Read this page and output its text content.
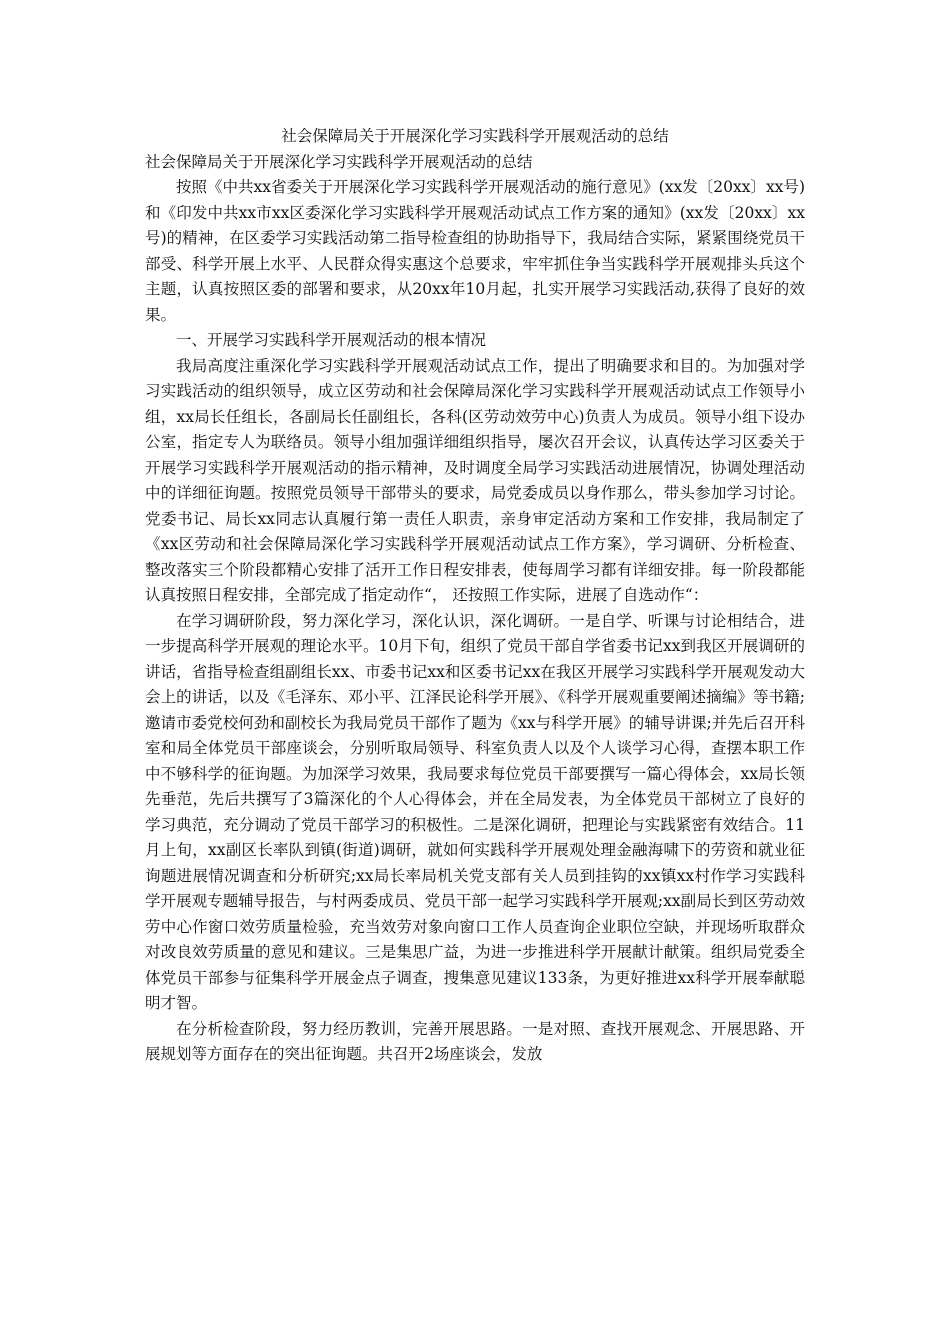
社会保障局关于开展深化学习实践科学开展观活动的总结

社会保障局关于开展深化学习实践科学开展观活动的总结

按照《中共xx省委关于开展深化学习实践科学开展观活动的施行意见》(xx发〔20xx〕xx号)和《印发中共xx市xx区委深化学习实践科学开展观活动试点工作方案的通知》(xx发〔20xx〕xx号)的精神，在区委学习实践活动第二指导检查组的协助指导下，我局结合实际，紧紧围绕党员干部受、科学开展上水平、人民群众得实惠这个总要求，牢牢抓住争当实践科学开展观排头兵这个主题，认真按照区委的部署和要求，从20xx年10月起，扎实开展学习实践活动,获得了良好的效果。

一、开展学习实践科学开展观活动的根本情况

我局高度注重深化学习实践科学开展观活动试点工作，提出了明确要求和目的。为加强对学习实践活动的组织领导，成立区劳动和社会保障局深化学习实践科学开展观活动试点工作领导小组，xx局长任组长，各副局长任副组长，各科(区劳动效劳中心)负责人为成员。领导小组下设办公室，指定专人为联络员。领导小组加强详细组织指导，屡次召开会议，认真传达学习区委关于开展学习实践科学开展观活动的指示精神，及时调度全局学习实践活动进展情况，协调处理活动中的详细征询题。按照党员领导干部带头的要求，局党委成员以身作那么，带头参加学习讨论。党委书记、局长xx同志认真履行第一责任人职责，亲身审定活动方案和工作安排，我局制定了《xx区劳动和社会保障局深化学习实践科学开展观活动试点工作方案》，学习调研、分析检查、整改落实三个阶段都精心安排了活开工作日程安排表，使每周学习都有详细安排。每一阶段都能认真按照日程安排，全部完成了指定动作“， 还按照工作实际，进展了自选动作“：

在学习调研阶段，努力深化学习，深化认识，深化调研。一是自学、听课与讨论相结合，进一步提高科学开展观的理论水平。10月下旬，组织了党员干部自学省委书记xx到我区开展调研的讲话，省指导检查组副组长xx、市委书记xx和区委书记xx在我区开展学习实践科学开展观发动大会上的讲话，以及《毛泽东、邓小平、江泽民论科学开展》、《科学开展观重要阐述摘编》等书籍;邀请市委党校何劲和副校长为我局党员干部作了题为《xx与科学开展》的辅导讲课;并先后召开科室和局全体党员干部座谈会，分别听取局领导、科室负责人以及个人谈学习心得，查摆本职工作中不够科学的征询题。为加深学习效果，我局要求每位党员干部要撰写一篇心得体会，xx局长领先垂范，先后共撰写了3篇深化的个人心得体会，并在全局发表，为全体党员干部树立了良好的学习典范，充分调动了党员干部学习的积极性。二是深化调研，把理论与实践紧密有效结合。11月上旬，xx副区长率队到镇(街道)调研，就如何实践科学开展观处理金融海啸下的劳资和就业征询题进展情况调查和分析研究;xx局长率局机关党支部有关人员到挂钩的xx镇xx村作学习实践科学开展观专题辅导报告，与村两委成员、党员干部一起学习实践科学开展观;xx副局长到区劳动效劳中心作窗口效劳质量检验，充当效劳对象向窗口工作人员查询企业职位空缺，并现场听取群众对改良效劳质量的意见和建议。三是集思广益，为进一步推进科学开展献计献策。组织局党委全体党员干部参与征集科学开展金点子调查，搜集意见建议133条，为更好推进xx科学开展奉献聪明才智。

在分析检查阶段，努力经历教训，完善开展思路。一是对照、查找开展观念、开展思路、开展规划等方面存在的突出征询题。共召开2场座谈会，发放
